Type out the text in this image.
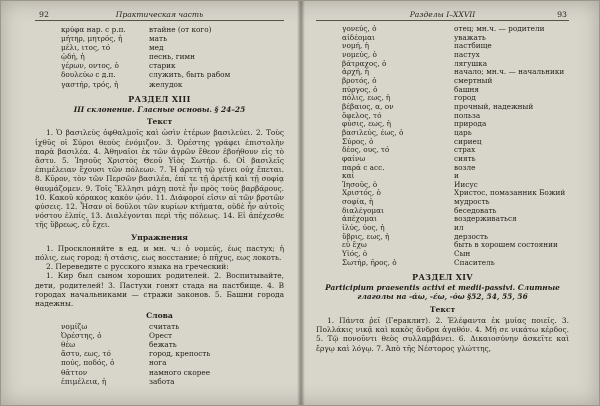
92	Практическая часть
κρύφα нар. с р.п.	втайне (от кого)
μήτηρ, μητρός, ἡ	мать
μέλι, ιτος, τό	мед
ᾠδή, ἡ	песнь, гимн
γέρων, οντος, ὁ	старик
δουλεύω с д.п.	служить, быть рабом
γαστήρ, τρός, ἡ	желудок
РАЗДЕЛ XIII
III склонение. Гласные основы. § 24–25
Текст
1. Ὁ βασιλεὺς ὀφθαλμοῖς καὶ ὠσὶν ἑτέρων βασιλεύει. 2. Τοὺς ἰχθῦς οἱ Σύροι θεοὺς ἐνόμιζον. 3. Ὀρέστης γράφει ἐπιστολὴν παρὰ βασιλέα. 4. Ἀθηναῖοι ἐκ τῶν ἀγρῶν ἔθεον ἐβοήθουν εἰς τὸ ἄστυ. 5. Ἰησοῦς Χριστὸς Θεοῦ Υἱὸς Σωτήρ. 6. Οἱ βασιλεῖς ἐπιμέλειαν ἔχουσι τῶν πόλεων. 7. Ἡ ἀρετὴ τῷ γένει οὐχ ἕπεται. 8. Κῦρον, τὸν τῶν Περσῶν βασιλέα, ἐπί τε τῇ ἀρετῇ καὶ τῇ σοφίᾳ θαυμάζομεν. 9. Τοῖς Ἕλλησι μάχη ποτὲ ἦν πρὸς τοὺς βαρβάρους. 10. Κακοῦ κόρακος κακὸν ᾠόν. 11. Διάφοροί εἰσιν αἱ τῶν βροτῶν φύσεις. 12. Ἦσαν οἱ δοῦλοι τῶν κυρίων κτήματα, οὐδὲ ἦν αὐτοῖς νόστου ἐλπίς. 13. Διαλέγονται περὶ τῆς πόλεως. 14. Εἰ ἀπέχεσθε τῆς ὕβρεως, εὖ ἔχει.
Упражнения
1. Просклоняйте в ед. и мн. ч.: ὁ νομεύς, έως пастух; ἡ πόλις, εως город; ἡ στάσις, εως восстание; ὁ πῆχυς, εως локоть.
2. Переведите с русского языка на греческий:
1. Кир был сыном хороших родителей. 2. Воспитывайте, дети, родителей! 3. Пастухи гонят стада на пастбище. 4. В городах начальниками — стражи законов. 5. Башни города надежны.
Слова
νομίζω	считать
Ὀρέστης, ὁ	Орест
θέω	бежать
ἄστυ, εως, τό	город, крепость
πούς, ποδός, ὁ	нога
θᾶττον	намного скорее
ἐπιμέλεια, ἡ	забота
Разделы I–XXVII	93
γονεύς, ὁ	отец; мн.ч. — родители
αἰδέομαι	уважать
νομή, ἡ	пастбище
νομεύς, ὁ	пастух
βάτραχος, ὁ	лягушка
ἀρχή, ἡ	начало; мн.ч. — начальники
βροτός, ὁ	смертный
πύργος, ὁ	башня
πόλις, εως, ἡ	город
βέβαιος, α, ον	прочный, надежный
ὄφελος, τό	польза
φύσις, εως, ἡ	природа
βασιλεύς, έως, ὁ	царь
Σύρος, ὁ	сириец
δέος, ους, τό	страх
φαίνω	сиять
παρά с асс.	возле
καί	и
Ἰησοῦς, ὁ	Иисус
Χριστός, ὁ	Христос, помазанник Божий
σοφία, ἡ	мудрость
διαλέγομαι	беседовать
ἀπέχομαι	воздерживаться
ἰλύς, ύος, ἡ	ил
ὕβρις, εως, ἡ	дерзость
εὖ ἔχω	быть в хорошем состоянии
Υἱός, ὁ	Сын
Σωτήρ, ῆρος, ὁ	Спаситель
РАЗДЕЛ XIV
Participium praesentis activi et medii-passivi. Слитные глаголы на -άω, -έω, -όω §52, 54, 55, 56
Текст
1. Πάντα ῥεῖ (Гераклит). 2. Ἐλέφαντα ἐκ μυίας ποιεῖς. 3. Πολλάκις νικᾷ καὶ κακὸς ἄνδρα ἀγαθόν. 4. Μή σε νικάτω κέρδος. 5. Τῷ πονοῦντι θεὸς συλλαμβάνει. 6. Δικαιοσύνην ἀσκεῖτε καὶ ἔργῳ καὶ λόγῳ. 7. Ἀπὸ τῆς Νέστορος γλώττης,
